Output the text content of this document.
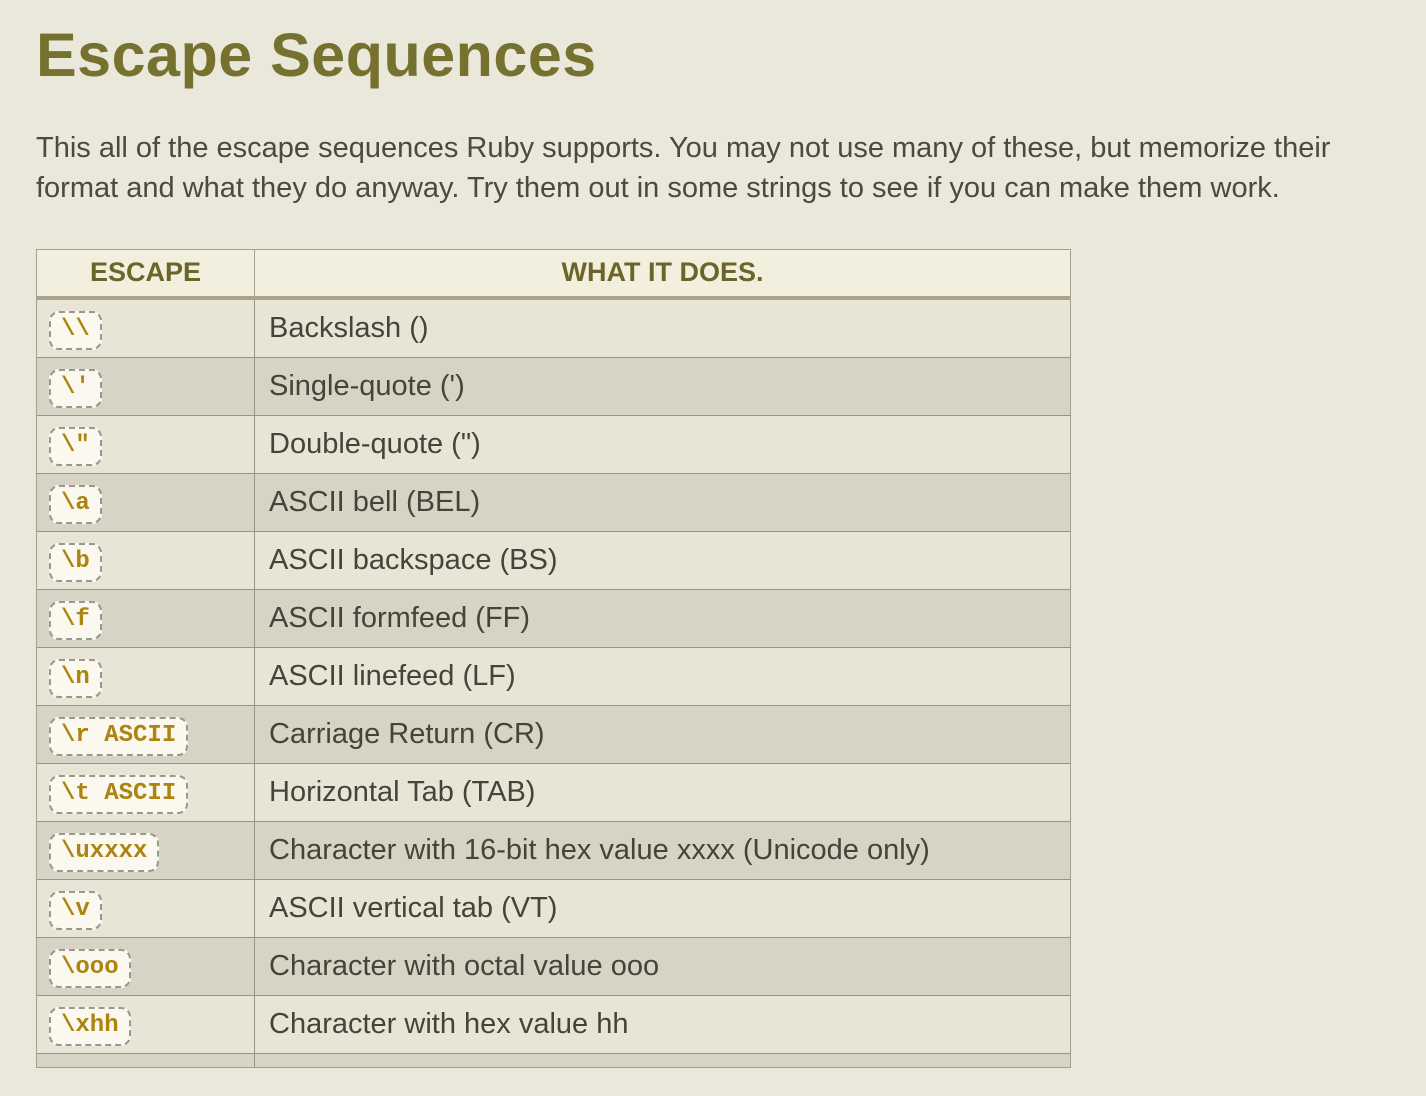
Escape Sequences

This all of the escape sequences Ruby supports. You may not use many of these, but memorize their format and what they do anyway. Try them out in some strings to see if you can make them work.

ESCAPE	WHAT IT DOES.
\\	Backslash ()
\'	Single-quote (')
\"	Double-quote (")
\a	ASCII bell (BEL)
\b	ASCII backspace (BS)
\f	ASCII formfeed (FF)
\n	ASCII linefeed (LF)
\r ASCII	Carriage Return (CR)
\t ASCII	Horizontal Tab (TAB)
\uxxxx	Character with 16-bit hex value xxxx (Unicode only)
\v	ASCII vertical tab (VT)
\ooo	Character with octal value ooo
\xhh	Character with hex value hh
